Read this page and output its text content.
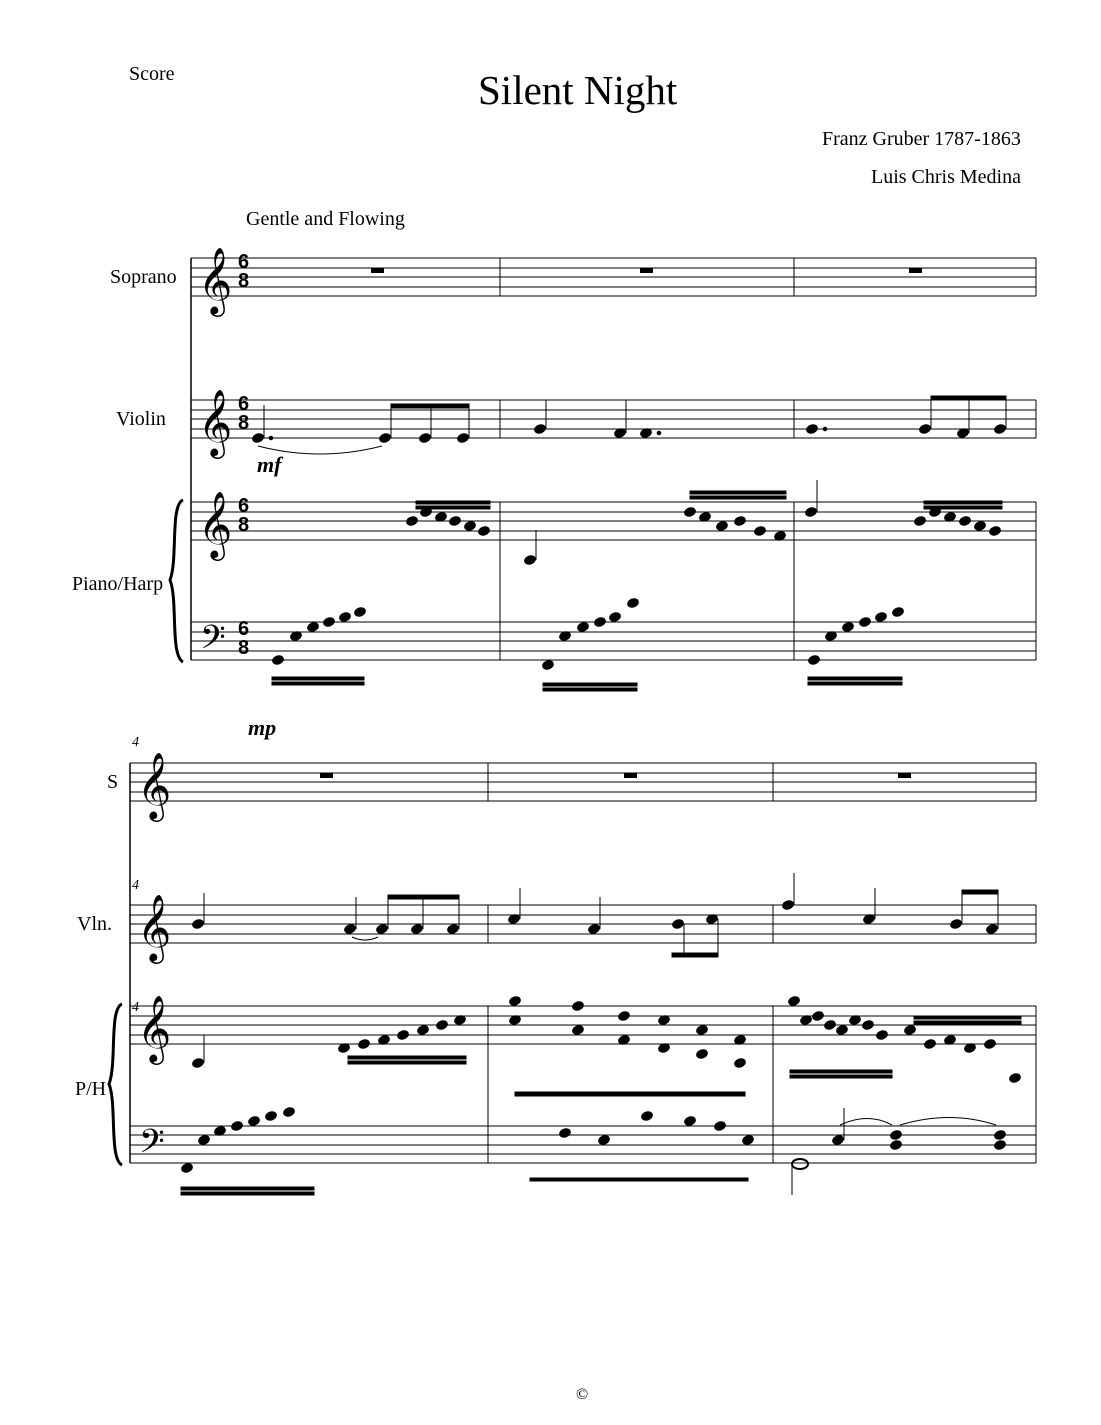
Score	Silent Night
Franz Gruber 1787-1863
Luis Chris Medina
Gentle and Flowing
Soprano
Violin
Piano/Harp
S
Vln.
P/H
4
4
4
mf
mp
©
6
8
6
8
6
8
6
8
𝄞
𝄞
𝄞
𝄢
𝄞
𝄞
𝄞
𝄢
